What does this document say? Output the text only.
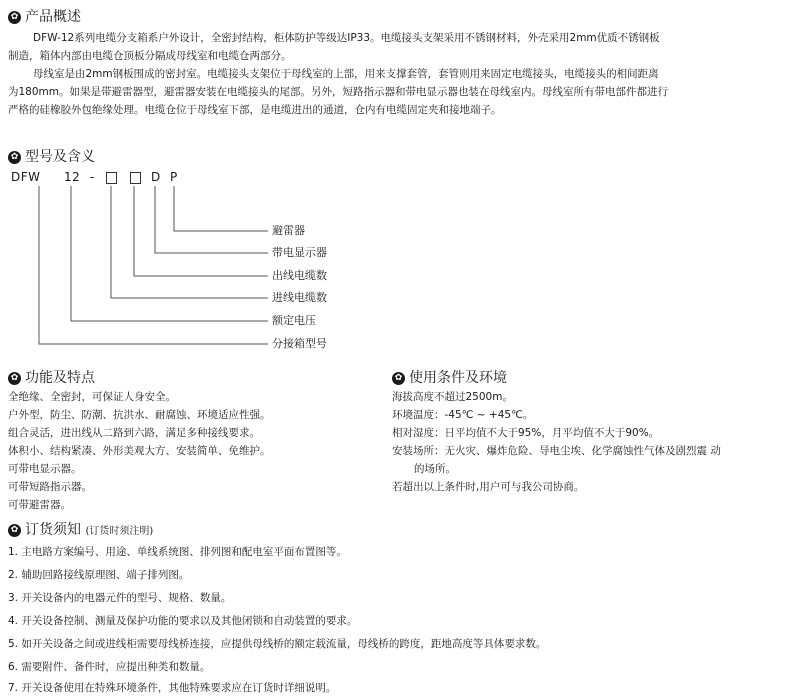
✿ 产品概述
DFW-12系列电缆分支箱系户外设计，全密封结构，柜体防护等级达IP33。电缆接头支架采用不锈钢材料，外壳采用2mm优质不锈钢板
制造，箱体内部由电缆仓顶板分隔成母线室和电缆仓两部分。
母线室是由2mm钢板围成的密封室。电缆接头支架位于母线室的上部，用来支撑套管，套管则用来固定电缆接头，电缆接头的相间距离
为180mm。如果是带避雷器型，避雷器安装在电缆接头的尾部。另外，短路指示器和带电显示器也装在母线室内。母线室所有带电部件都进行
严格的硅橡胶外包绝缘处理。电缆仓位于母线室下部，是电缆进出的通道，仓内有电缆固定夹和接地端子。
✿ 型号及含义
DFW 12 -	D P
避雷器
带电显示器
出线电缆数
进线电缆数
额定电压
分接箱型号
✿ 功能及特点
全绝缘、全密封，可保证人身安全。
户外型，防尘、防潮、抗洪水、耐腐蚀、环境适应性强。
组合灵活，进出线从二路到六路，满足多种接线要求。
体积小、结构紧凑、外形美观大方、安装简单、免维护。
可带电显示器。
可带短路指示器。
可带避雷器。
✿ 使用条件及环境
海拔高度不超过2500m。
环境温度：-45℃ ~ +45℃。
相对湿度：日平均值不大于95%，月平均值不大于90%。
安装场所：无火灾、爆炸危险、导电尘埃、化学腐蚀性气体及剧烈震 动
的场所。
若超出以上条件时,用户可与我公司协商。
✿ 订货须知 (订货时须注明)
1. 主电路方案编号、用途、单线系统图、排列图和配电室平面布置图等。
2. 辅助回路接线原理图、端子排列图。
3. 开关设备内的电器元件的型号、规格、数量。
4. 开关设备控制、测量及保护功能的要求以及其他闭锁和自动装置的要求。
5. 如开关设备之间或进线柜需要母线桥连接，应提供母线桥的额定载流量，母线桥的跨度，距地高度等具体要求数。
6. 需要附件、备件时，应提出种类和数量。
7. 开关设备使用在特殊环境条件，其他特殊要求应在订货时详细说明。
